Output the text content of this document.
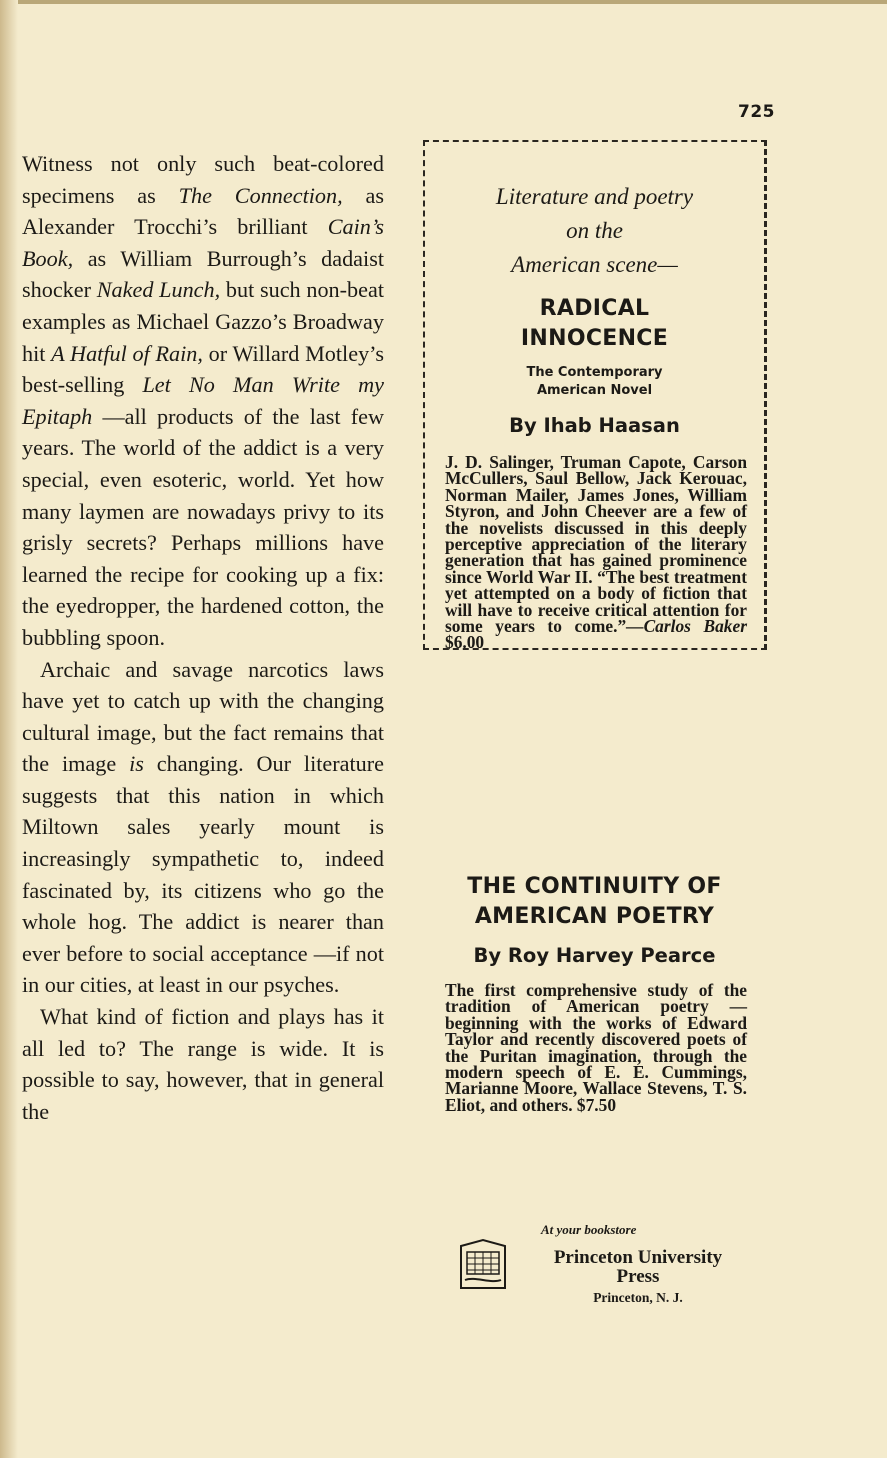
725

Witness not only such beat-colored specimens as The Connection, as Alexander Trocchi’s brilliant Cain’s Book, as William Burrough’s dadaist shocker Naked Lunch, but such non-beat examples as Michael Gazzo’s Broadway hit A Hatful of Rain, or Willard Motley’s best-selling Let No Man Write my Epitaph —all products of the last few years. The world of the addict is a very special, even esoteric, world. Yet how many laymen are nowadays privy to its grisly secrets? Perhaps millions have learned the recipe for cooking up a fix: the eyedropper, the hardened cotton, the bubbling spoon.

Archaic and savage narcotics laws have yet to catch up with the changing cultural image, but the fact remains that the image is changing. Our literature suggests that this nation in which Miltown sales yearly mount is increasingly sympathetic to, indeed fascinated by, its citizens who go the whole hog. The addict is nearer than ever before to social acceptance —if not in our cities, at least in our psyches.

What kind of fiction and plays has it all led to? The range is wide. It is possible to say, however, that in general the

Literature and poetry
on the
American scene—
RADICAL
INNOCENCE
The Contemporary
American Novel
By Ihab Haasan
J. D. Salinger, Truman Capote, Carson McCullers, Saul Bellow, Jack Kerouac, Norman Mailer, James Jones, William Styron, and John Cheever are a few of the novelists discussed in this deeply perceptive appreciation of the literary generation that has gained prominence since World War II. “The best treatment yet attempted on a body of fiction that will have to receive critical attention for some years to come.”—Carlos Baker $6.00
THE CONTINUITY OF
AMERICAN POETRY
By Roy Harvey Pearce
The first comprehensive study of the tradition of American poetry — beginning with the works of Edward Taylor and recently discovered poets of the Puritan imagination, through the modern speech of E. E. Cummings, Marianne Moore, Wallace Stevens, T. S. Eliot, and others. $7.50
At your bookstore
Princeton University
Press
Princeton, N. J.
